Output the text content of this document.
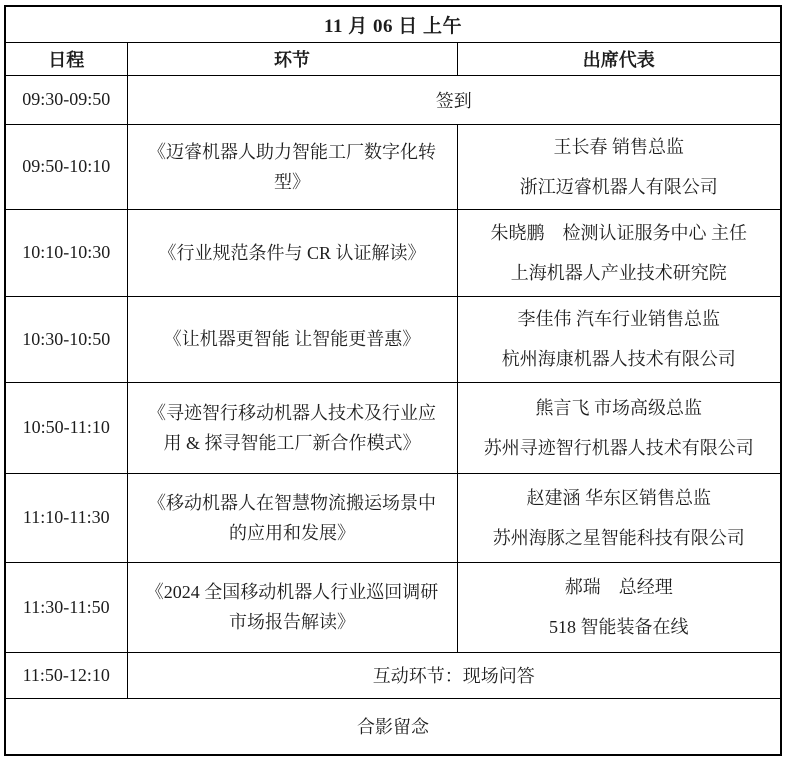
11 月 06 日 上午		
日程	环节	出席代表
09:30-09:50	签到	
09:50-10:10	《迈睿机器人助力智能工厂数字化转型》	王长春 销售总监
浙江迈睿机器人有限公司

10:10-10:30	《行业规范条件与 CR 认证解读》	朱晓鹏　检测认证服务中心 主任
上海机器人产业技术研究院

10:30-10:50	《让机器更智能 让智能更普惠》	李佳伟 汽车行业销售总监
杭州海康机器人技术有限公司

10:50-11:10	《寻迹智行移动机器人技术及行业应用 & 探寻智能工厂新合作模式》	熊言飞 市场高级总监
苏州寻迹智行机器人技术有限公司

11:10-11:30	《移动机器人在智慧物流搬运场景中的应用和发展》	赵建涵 华东区销售总监
苏州海豚之星智能科技有限公司

11:30-11:50	《2024 全国移动机器人行业巡回调研市场报告解读》	郝瑞　总经理
518 智能装备在线

11:50-12:10	互动环节：现场问答	
合影留念		
